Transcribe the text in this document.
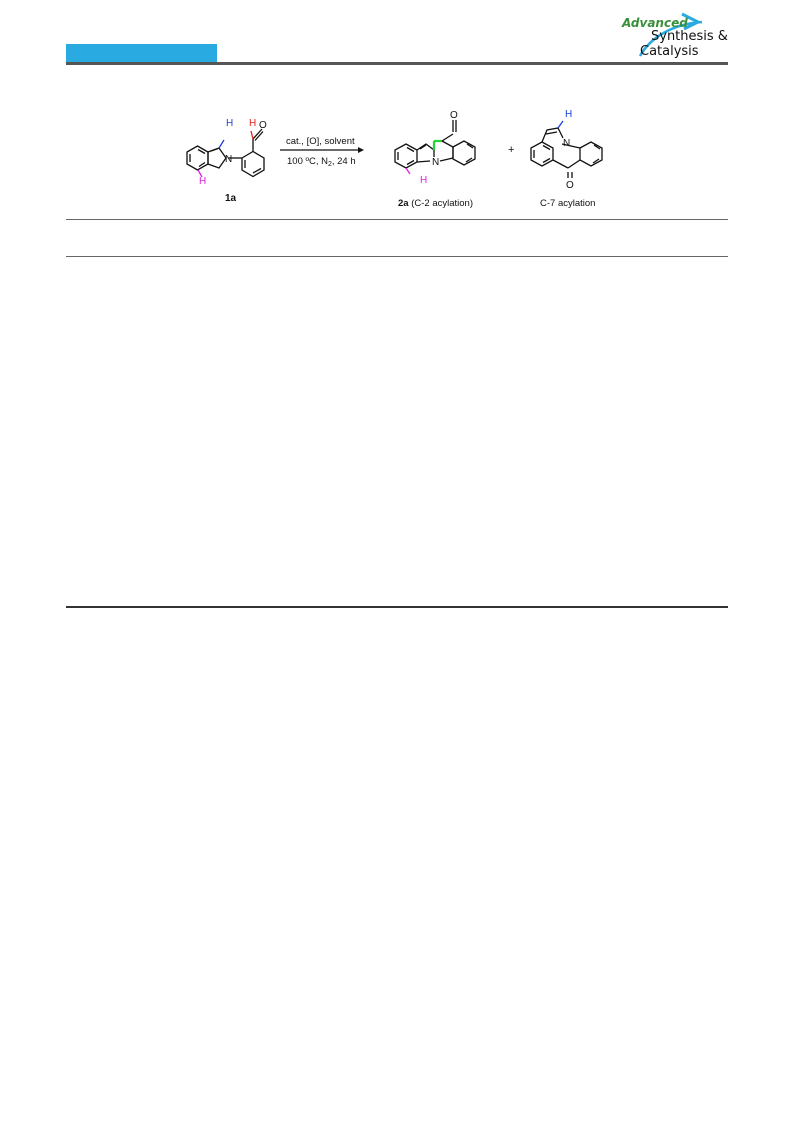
Advanced
Synthesis &
Catalysis
N
H H O
H
1a
cat., [O], solvent
100 ºC, $N_2$, 24 h	N
O
H
2a (C-2 acylation)
+
H
N
O
C-7 acylation
